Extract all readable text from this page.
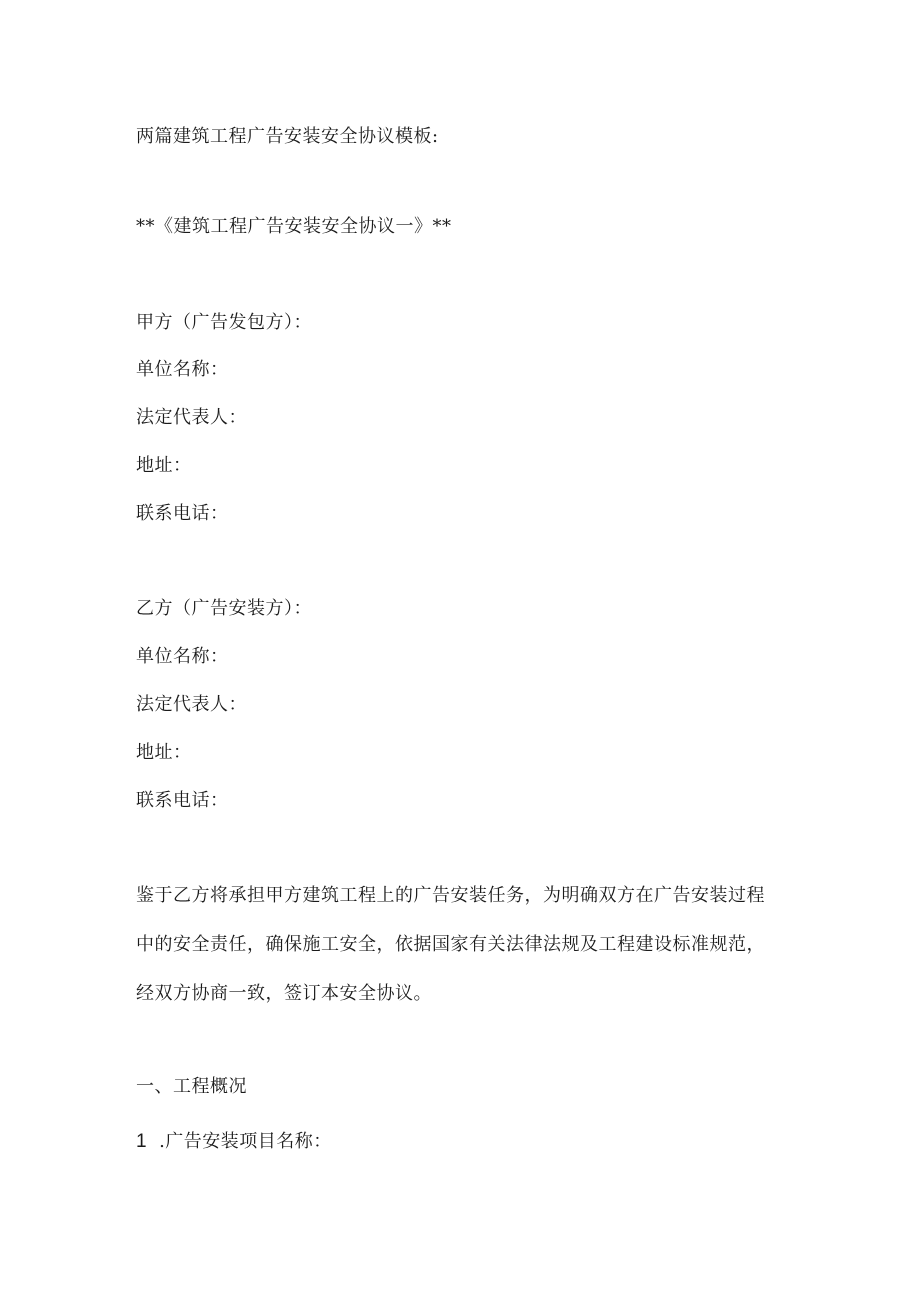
两篇建筑工程广告安装安全协议模板:
**《建筑工程广告安装安全协议一》**
甲方（广告发包方）：
单位名称：
法定代表人：
地址：
联系电话：
乙方（广告安装方）：
单位名称：
法定代表人：
地址：
联系电话：
鉴于乙方将承担甲方建筑工程上的广告安装任务，为明确双方在广告安装过程
中的安全责任，确保施工安全，依据国家有关法律法规及工程建设标准规范，
经双方协商一致，签订本安全协议。
一、工程概况
1 .广告安装项目名称：
